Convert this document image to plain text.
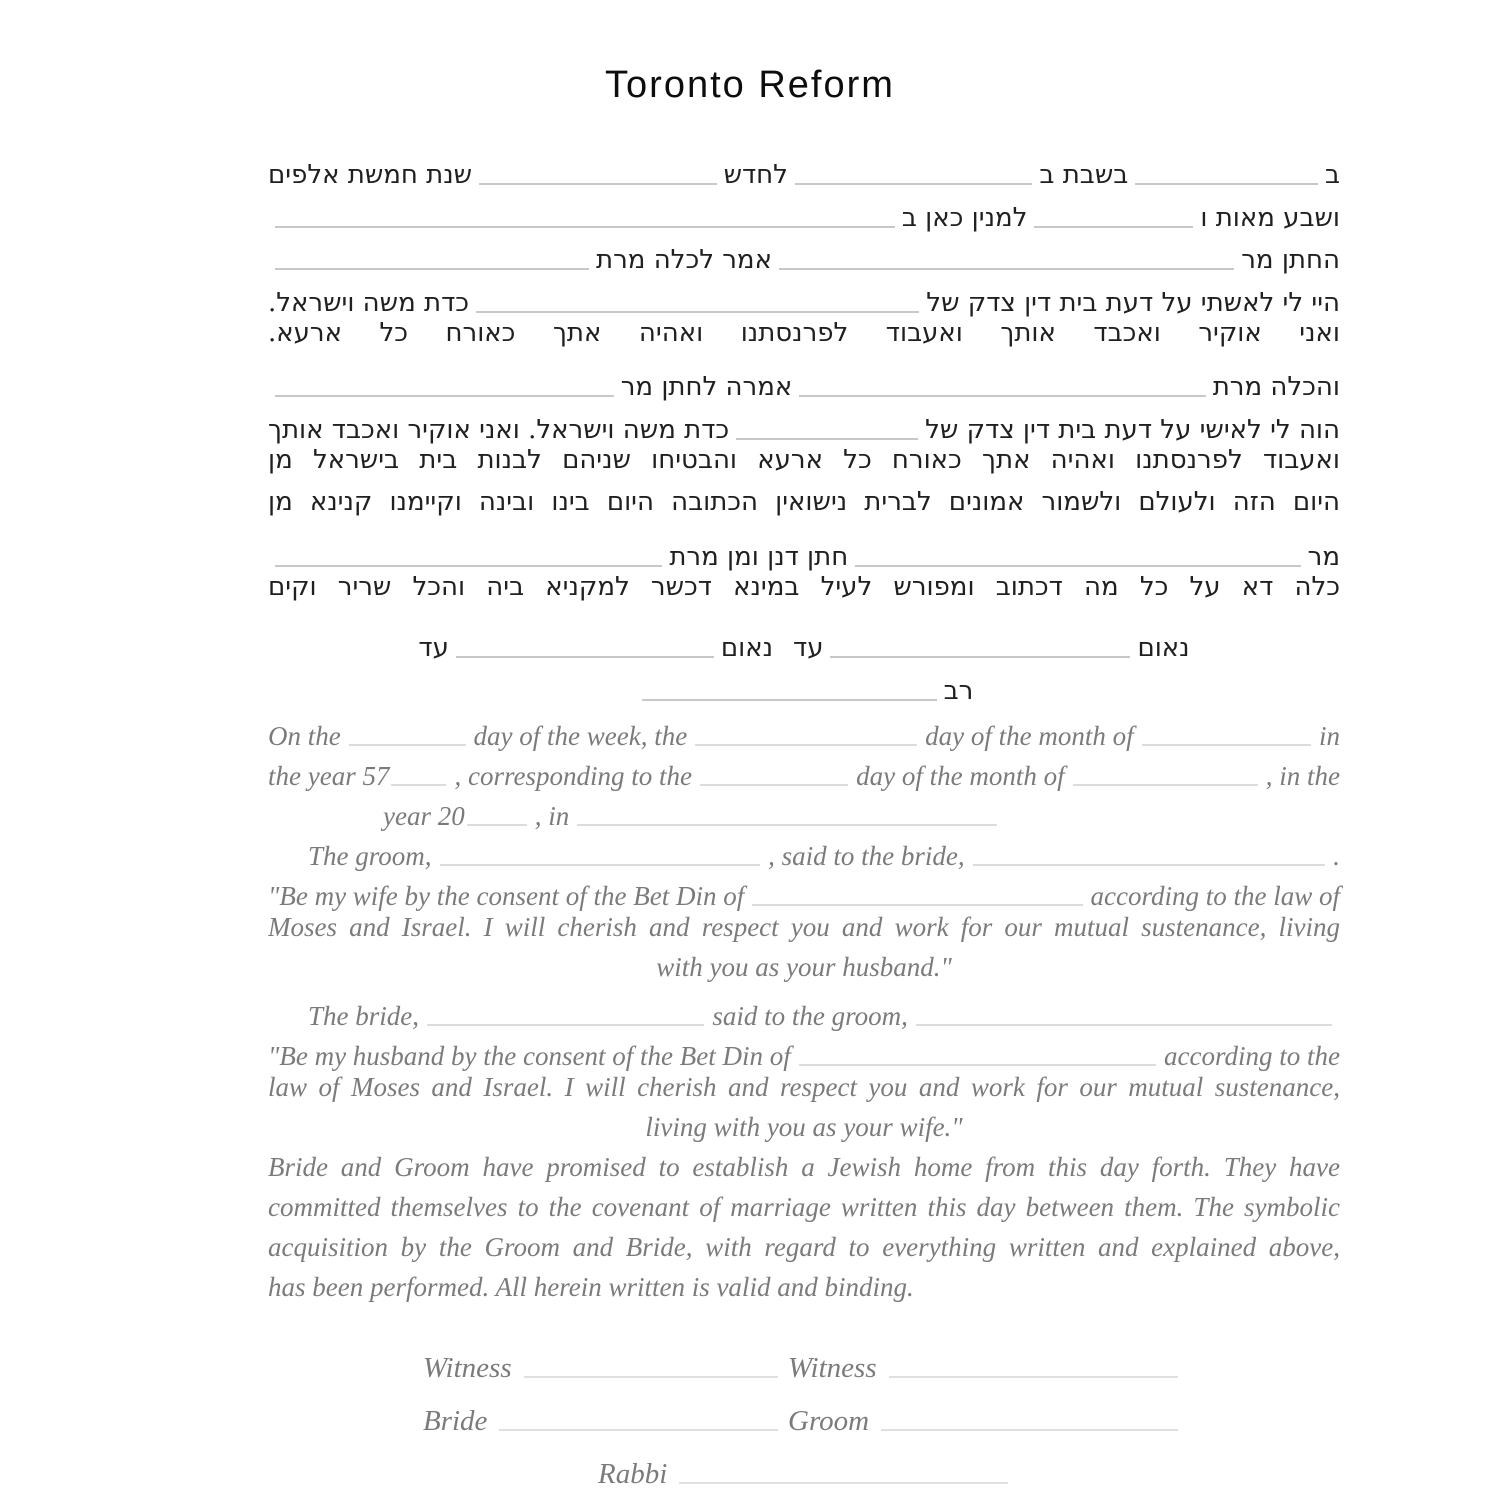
Toronto Reform
ב
בשבת ב
לחדש
שנת חמשת אלפים
ושבע מאות ו
למנין כאן ב
החתן מר
אמר לכלה מרת
היי לי לאשתי על דעת בית דין צדק של
כדת משה וישראל.
ואני אוקיר ואכבד אותך ואעבוד לפרנסתנו ואהיה אתך כאורח כל ארעא.
והכלה מרת
אמרה לחתן מר
הוה לי לאישי על דעת בית דין צדק של
כדת משה וישראל. ואני אוקיר ואכבד אותך
ואעבוד לפרנסתנו ואהיה אתך כאורח כל ארעא והבטיחו שניהם לבנות בית בישראל מן
היום הזה ולעולם ולשמור אמונים לברית נישואין הכתובה היום בינו ובינה וקיימנו קנינא מן
מר
חתן דנן ומן מרת
כלה דא על כל מה דכתוב ומפורש לעיל במינא דכשר למקניא ביה והכל שריר וקים
נאום
עד
נאום
עד
רב
On the	day of the week, the	day of the month of	in
the year 57 , corresponding to the	day of the month of	, in the
year 20	, in
The groom,	, said to the bride,	.
"Be my wife by the consent of the Bet Din of	according to the law of
Moses and Israel. I will cherish and respect you and work for our mutual sustenance, living
with you as your husband."
The bride,	said to the groom,
"Be my husband by the consent of the Bet Din of	according to the
law of Moses and Israel. I will cherish and respect you and work for our mutual sustenance,
living with you as your wife."
Bride and Groom have promised to establish a Jewish home from this day forth. They have
committed themselves to the covenant of marriage written this day between them. The symbolic
acquisition by the Groom and Bride, with regard to everything written and explained above,
has been performed. All herein written is valid and binding.
Witness	Witness
Bride	Groom
Rabbi
